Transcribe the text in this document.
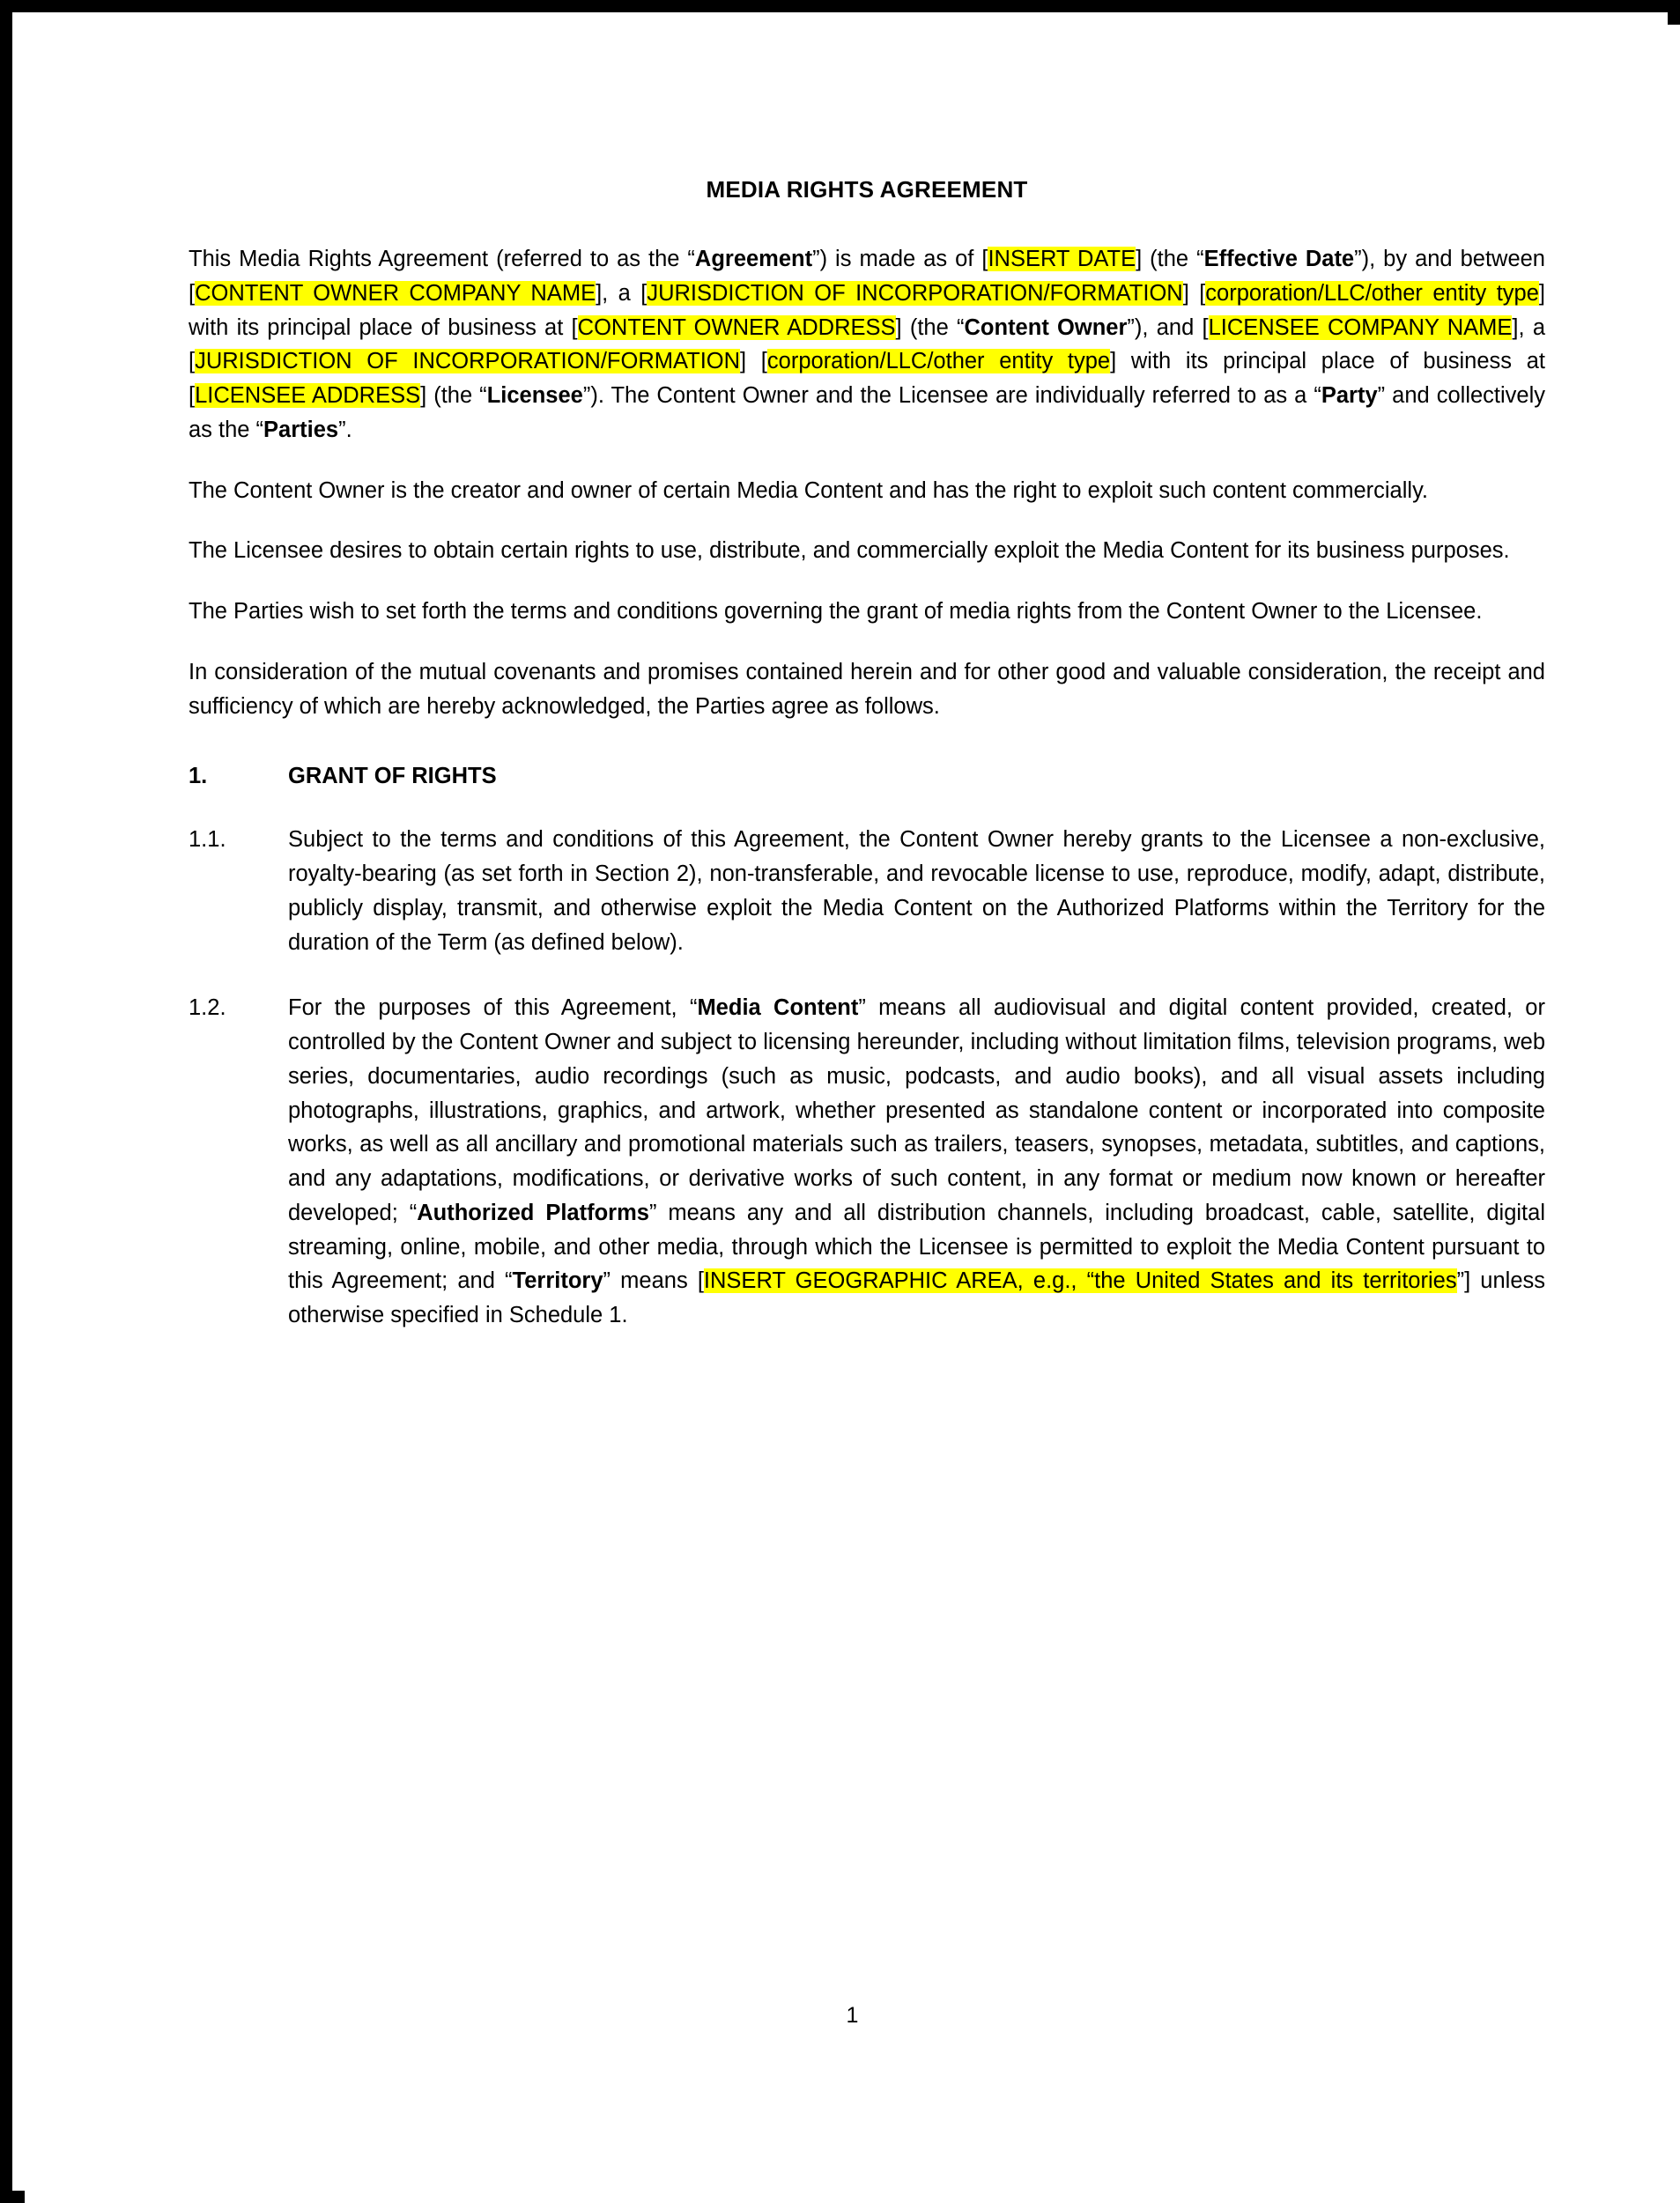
MEDIA RIGHTS AGREEMENT

This Media Rights Agreement (referred to as the “Agreement”) is made as of [INSERT DATE] (the “Effective Date”), by and between [CONTENT OWNER COMPANY NAME], a [JURISDICTION OF INCORPORATION/FORMATION] [corporation/LLC/other entity type] with its principal place of business at [CONTENT OWNER ADDRESS] (the “Content Owner”), and [LICENSEE COMPANY NAME], a [JURISDICTION OF INCORPORATION/FORMATION] [corporation/LLC/other entity type] with its principal place of business at [LICENSEE ADDRESS] (the “Licensee”). The Content Owner and the Licensee are individually referred to as a “Party” and collectively as the “Parties”.

The Content Owner is the creator and owner of certain Media Content and has the right to exploit such content commercially.

The Licensee desires to obtain certain rights to use, distribute, and commercially exploit the Media Content for its business purposes.

The Parties wish to set forth the terms and conditions governing the grant of media rights from the Content Owner to the Licensee.

In consideration of the mutual covenants and promises contained herein and for other good and valuable consideration, the receipt and sufficiency of which are hereby acknowledged, the Parties agree as follows.

1.	GRANT OF RIGHTS
1.1.	Subject to the terms and conditions of this Agreement, the Content Owner hereby grants to the Licensee a non-exclusive, royalty-bearing (as set forth in Section 2), non-transferable, and revocable license to use, reproduce, modify, adapt, distribute, publicly display, transmit, and otherwise exploit the Media Content on the Authorized Platforms within the Territory for the duration of the Term (as defined below).
1.2.	For the purposes of this Agreement, “Media Content” means all audiovisual and digital content provided, created, or controlled by the Content Owner and subject to licensing hereunder, including without limitation films, television programs, web series, documentaries, audio recordings (such as music, podcasts, and audio books), and all visual assets including photographs, illustrations, graphics, and artwork, whether presented as standalone content or incorporated into composite works, as well as all ancillary and promotional materials such as trailers, teasers, synopses, metadata, subtitles, and captions, and any adaptations, modifications, or derivative works of such content, in any format or medium now known or hereafter developed; “Authorized Platforms” means any and all distribution channels, including broadcast, cable, satellite, digital streaming, online, mobile, and other media, through which the Licensee is permitted to exploit the Media Content pursuant to this Agreement; and “Territory” means [INSERT GEOGRAPHIC AREA, e.g., “the United States and its territories”] unless otherwise specified in Schedule 1.
1
